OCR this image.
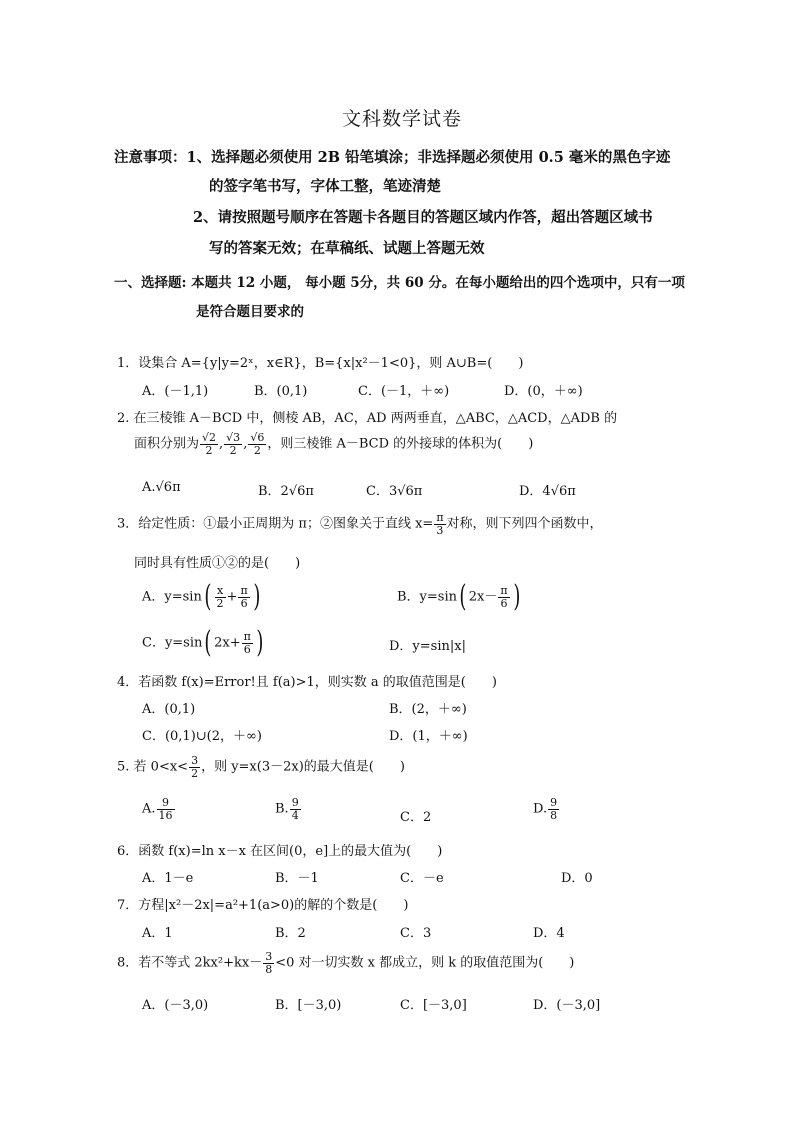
文科数学试卷
注意事项：1、选择题必须使用 2B 铅笔填涂；非选择题必须使用 0.5 毫米的黑色字迹
的签字笔书写，字体工整，笔迹清楚
2、请按照题号顺序在答题卡各题目的答题区域内作答，超出答题区域书
写的答案无效；在草稿纸、试题上答题无效
一、选择题: 本题共 12 小题， 每小题 5分，共 60 分。在每小题给出的四个选项中，只有一项
是符合题目要求的
1．设集合 A={y|y=2ˣ，x∈R}，B={x|x²－1<0}，则 A∪B=(　　)
A．(－1,1)	B．(0,1)	C．(－1，＋∞)	D．(0，＋∞)
2. 在三棱锥 A－BCD 中，侧棱 AB，AC，AD 两两垂直，△ABC，△ACD，△ADB 的
面积分别为 $\frac{√2}{2}$ , $\frac{√3}{2}$ , $\frac{√6}{2}$ ，则三棱锥 A－BCD 的外接球的体积为(　　)
A.√6π	B．2√6π	C．3√6π	D．4√6π
3．给定性质：①最小正周期为 π；②图象关于直线 $x= \frac{\pi}{3}$ 对称，则下列四个函数中，
同时具有性质①②的是(　　)
A．$y=\sin( \frac{x}{2} + \frac{\pi}{6}$ )	B．y=sin( $2x- \frac{\pi}{6}$ )
C．y=sin( $2x+ \frac{\pi}{6}$ )	D．y=sin|x|
4．若函数 f(x)=Error!且 f(a)>1，则实数 a 的取值范围是(　　)
A．(0,1)	B．(2，＋∞)
C．(0,1)∪(2，＋∞)	D．(1，＋∞)
5. 若 $0<x< \frac{3}{2}$ ，则 y=x(3－2x)的最大值是(　　)
A. $\frac{9}{16}$	B. $\frac{9}{4}$	C．2
D. $\frac{9}{8}$
6．函数 f(x)=ln x－x 在区间(0，e]上的最大值为(　　)
A．1－e	B．－1	C．－e	D．0
7．方程|x²－2x|=a²+1(a>0)的解的个数是(　　)
A．1	B．2	C．3	D．4
8．若不等式 $2kx^2+kx- \frac{3}{8} <0$ 对一切实数 x 都成立，则 k 的取值范围为(　　)
A．(－3,0)	B．[－3,0)	C．[－3,0]	D．(－3,0]
